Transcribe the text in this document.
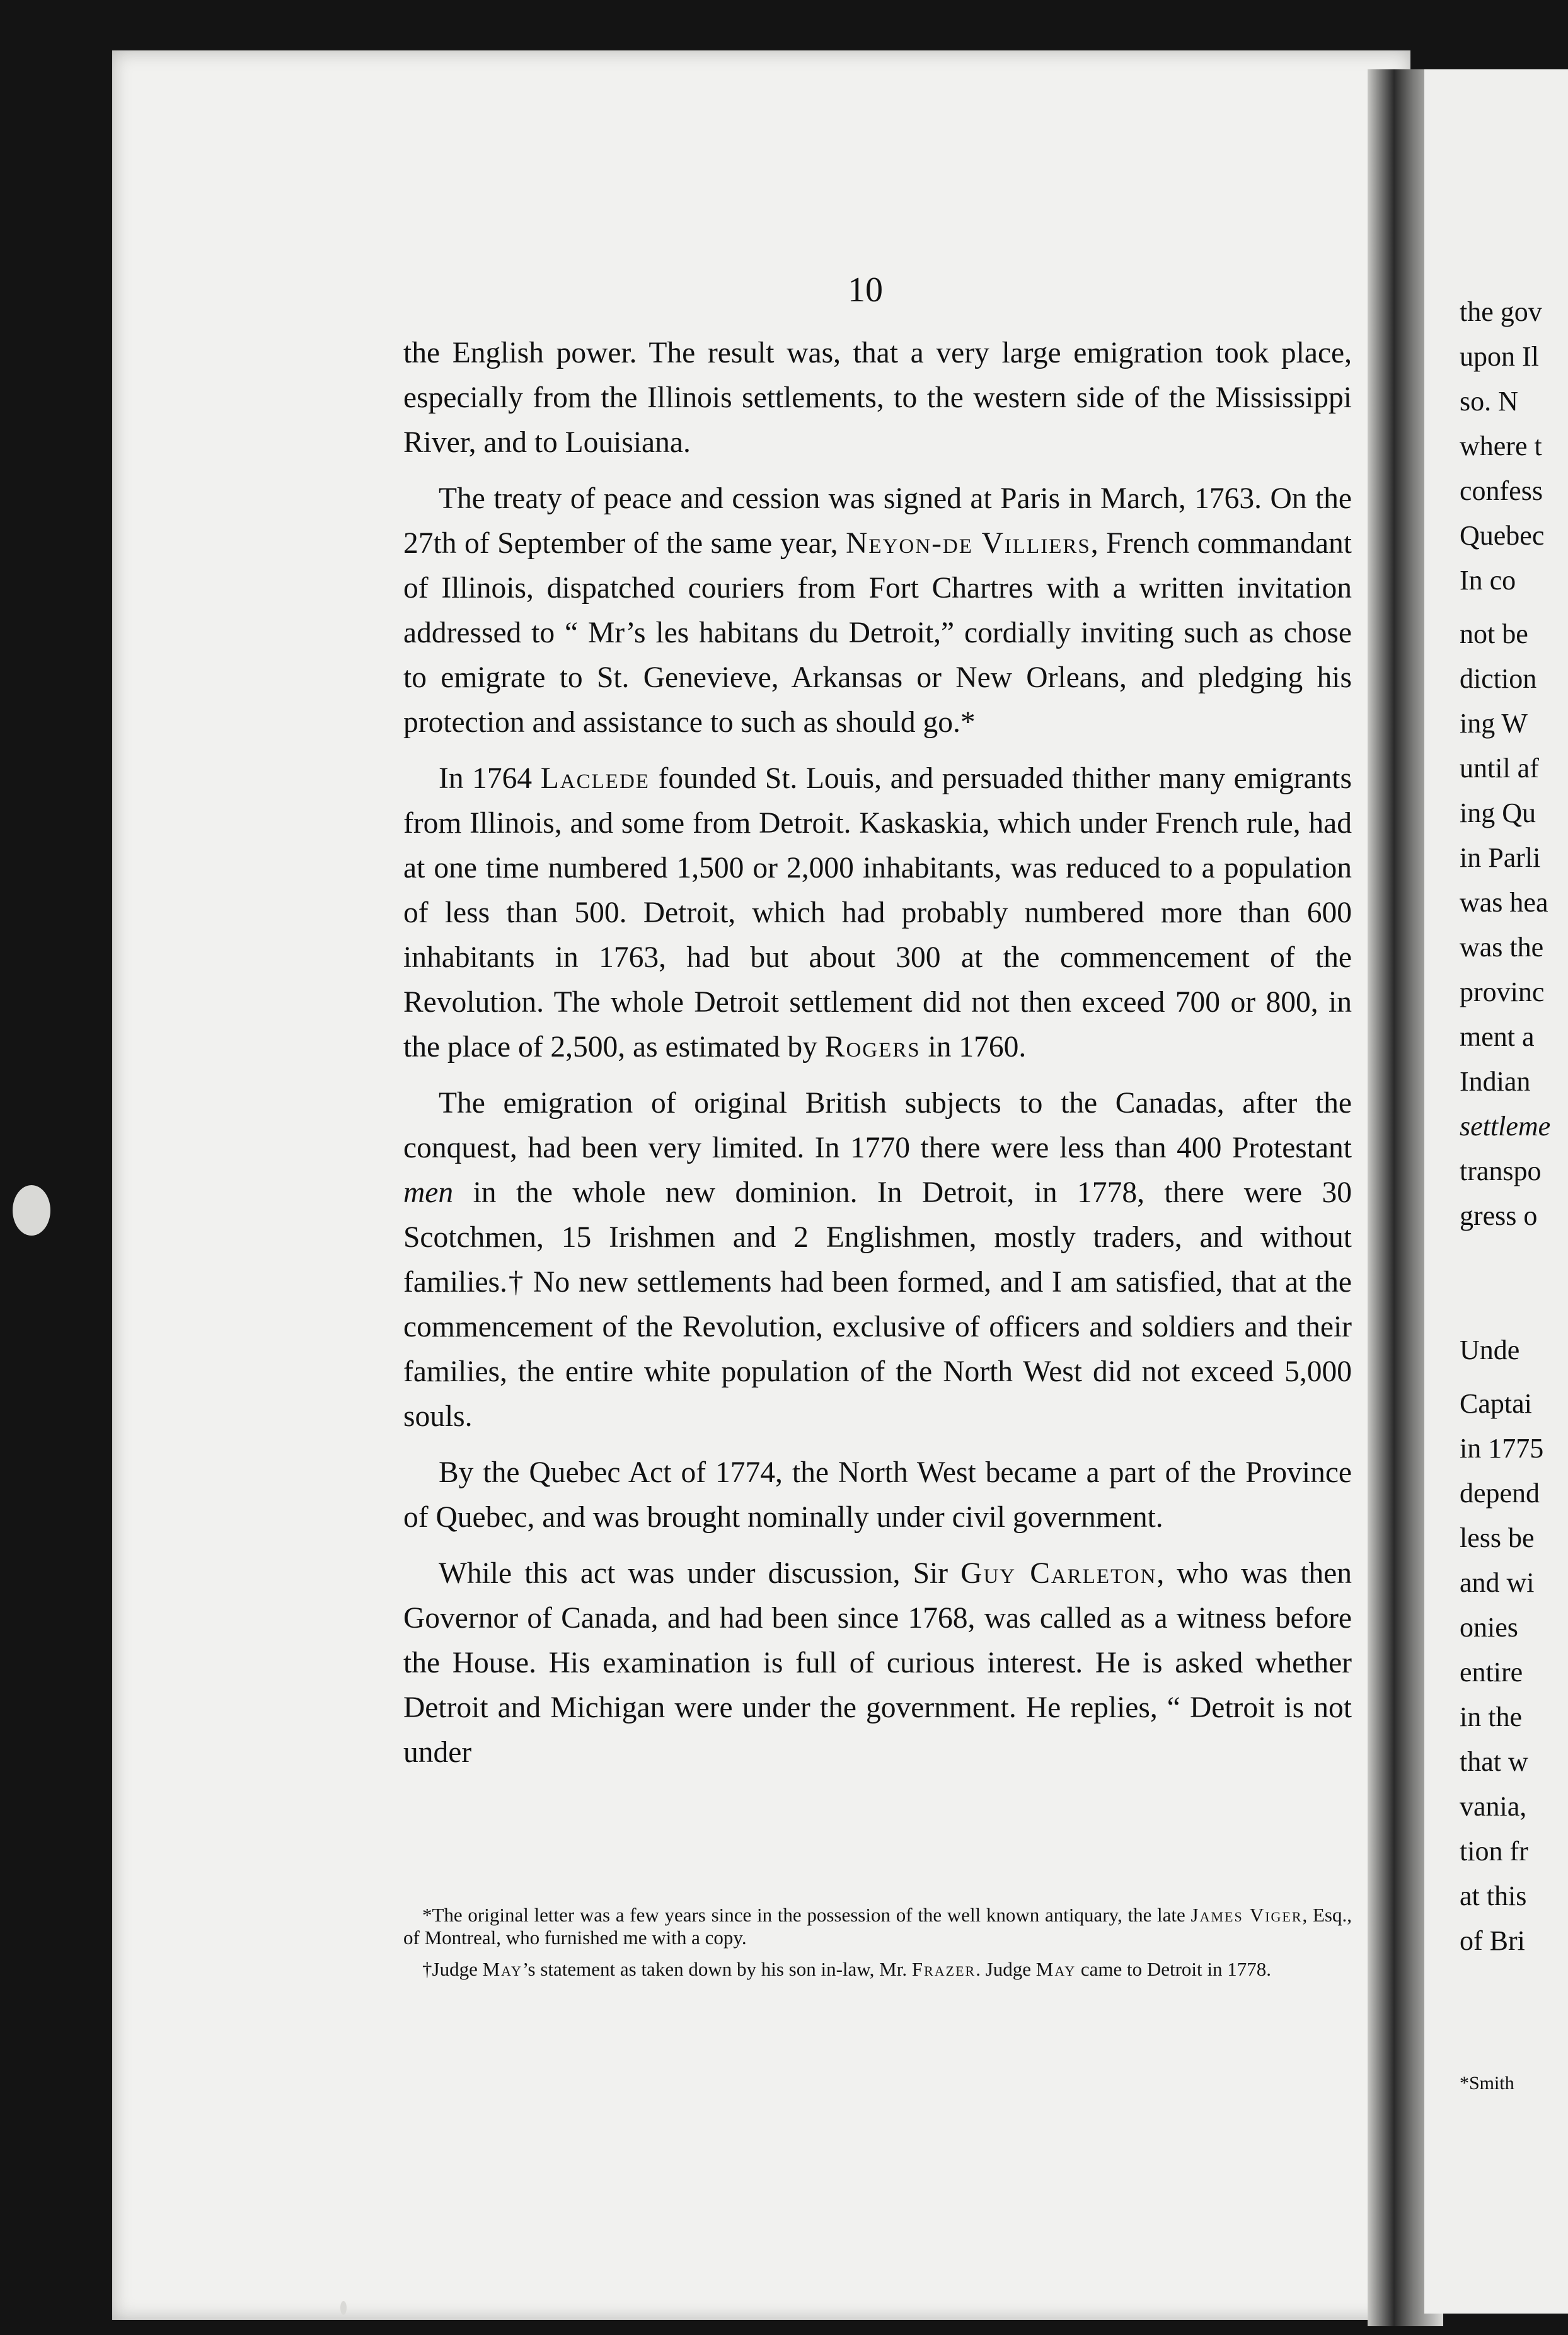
the gov
upon Il
so. N
where t
confess
Quebec
In co
not be
diction
ing W
until af
ing Qu
in Parli
was hea
was the
provinc
ment a
Indian
settleme
transpo
gress o
Unde
Captai
in 1775
depend
less be
and wi
onies
entire
in the
that w
vania,
tion fr
at this
of Bri
*Smith
10

the English power. The result was, that a very large emigration took place, especially from the Illinois settlements, to the western side of the Mississippi River, and to Louisiana.

The treaty of peace and cession was signed at Paris in March, 1763. On the 27th of September of the same year, Neyon-de Villiers, French commandant of Illinois, dispatched couriers from Fort Chartres with a written invitation addressed to “ Mr’s les habitans du Detroit,” cordially inviting such as chose to emigrate to St. Genevieve, Arkansas or New Orleans, and pledging his protection and assistance to such as should go.*

In 1764 Laclede founded St. Louis, and persuaded thither many emigrants from Illinois, and some from Detroit. Kaskaskia, which under French rule, had at one time numbered 1,500 or 2,000 inhabitants, was reduced to a population of less than 500. Detroit, which had probably numbered more than 600 inhabitants in 1763, had but about 300 at the commencement of the Revolution. The whole Detroit settlement did not then exceed 700 or 800, in the place of 2,500, as estimated by Rogers in 1760.

The emigration of original British subjects to the Canadas, after the conquest, had been very limited. In 1770 there were less than 400 Protestant men in the whole new dominion. In Detroit, in 1778, there were 30 Scotchmen, 15 Irishmen and 2 Englishmen, mostly traders, and without families.† No new settlements had been formed, and I am satisfied, that at the commencement of the Revolution, exclusive of officers and soldiers and their families, the entire white population of the North West did not exceed 5,000 souls.

By the Quebec Act of 1774, the North West became a part of the Province of Quebec, and was brought nominally under civil government.

While this act was under discussion, Sir Guy Carleton, who was then Governor of Canada, and had been since 1768, was called as a witness before the House. His examination is full of curious interest. He is asked whether Detroit and Michigan were under the government. He replies, “ Detroit is not under

*The original letter was a few years since in the possession of the well known antiquary, the late James Viger, Esq., of Montreal, who furnished me with a copy.

†Judge May’s statement as taken down by his son in-law, Mr. Frazer. Judge May came to Detroit in 1778.
